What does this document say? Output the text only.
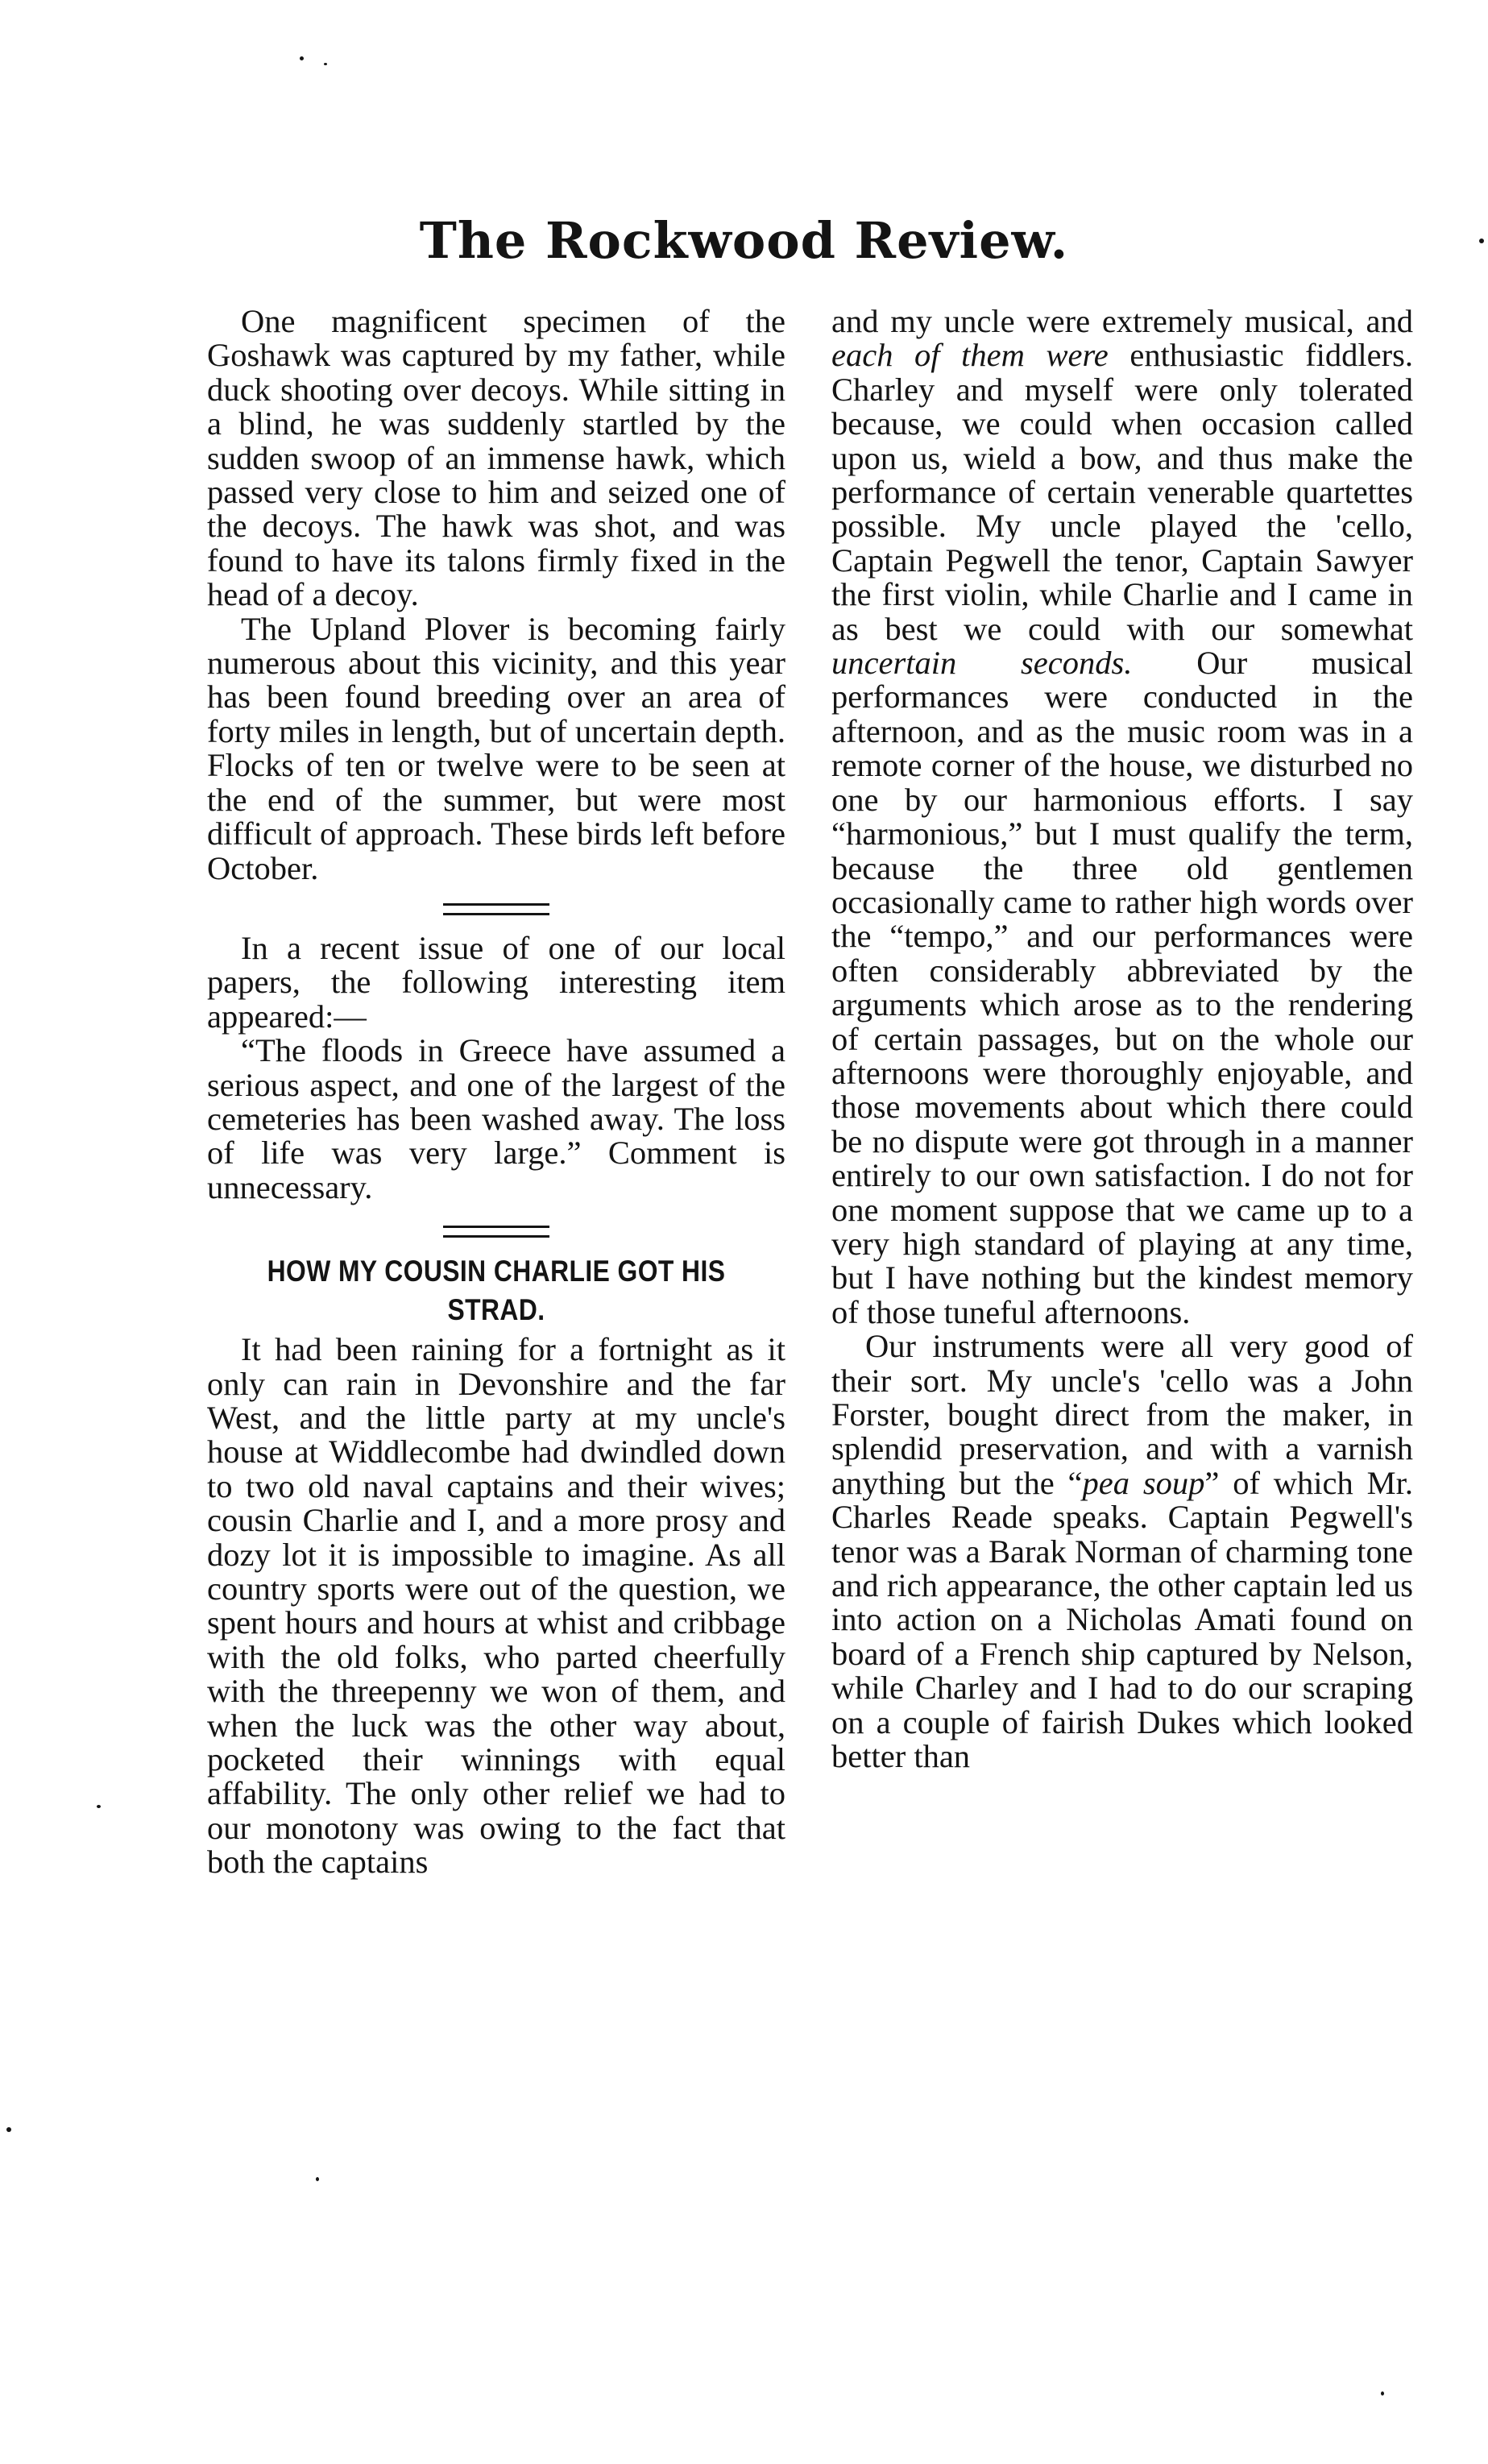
The Rockwood Review.

One magnificent specimen of the Goshawk was captured by my father, while duck shooting over decoys. While sitting in a blind, he was suddenly startled by the sudden swoop of an immense hawk, which passed very close to him and seized one of the decoys. The hawk was shot, and was found to have its talons firmly fixed in the head of a decoy.

The Upland Plover is becoming fairly numerous about this vicinity, and this year has been found breeding over an area of forty miles in length, but of uncertain depth. Flocks of ten or twelve were to be seen at the end of the summer, but were most difficult of approach. These birds left before October.

In a recent issue of one of our local papers, the following interesting item appeared:—

“The floods in Greece have assumed a serious aspect, and one of the largest of the cemeteries has been washed away. The loss of life was very large.” Comment is unnecessary.

HOW MY COUSIN CHARLIE GOT HIS
STRAD.

It had been raining for a fortnight as it only can rain in Devonshire and the far West, and the little party at my uncle's house at Widdlecombe had dwindled down to two old naval captains and their wives; cousin Charlie and I, and a more prosy and dozy lot it is impossible to imagine. As all country sports were out of the question, we spent hours and hours at whist and cribbage with the old folks, who parted cheerfully with the threepenny we won of them, and when the luck was the other way about, pocketed their winnings with equal affability. The only other relief we had to our monotony was owing to the fact that both the captains

and my uncle were extremely musical, and each of them were enthusiastic fiddlers. Charley and myself were only tolerated because, we could when occasion called upon us, wield a bow, and thus make the performance of certain venerable quartettes possible. My uncle played the 'cello, Captain Pegwell the tenor, Captain Sawyer the first violin, while Charlie and I came in as best we could with our somewhat uncertain seconds. Our musical performances were conducted in the afternoon, and as the music room was in a remote corner of the house, we disturbed no one by our harmonious efforts. I say “harmonious,” but I must qualify the term, because the three old gentlemen occasionally came to rather high words over the “tempo,” and our performances were often considerably abbreviated by the arguments which arose as to the rendering of certain passages, but on the whole our afternoons were thoroughly enjoyable, and those movements about which there could be no dispute were got through in a manner entirely to our own satisfaction. I do not for one moment suppose that we came up to a very high standard of playing at any time, but I have nothing but the kindest memory of those tuneful afternoons.

Our instruments were all very good of their sort. My uncle's 'cello was a John Forster, bought direct from the maker, in splendid preservation, and with a varnish anything but the “pea soup” of which Mr. Charles Reade speaks. Captain Pegwell's tenor was a Barak Norman of charming tone and rich appearance, the other captain led us into action on a Nicholas Amati found on board of a French ship captured by Nelson, while Charley and I had to do our scraping on a couple of fairish Dukes which looked better than
